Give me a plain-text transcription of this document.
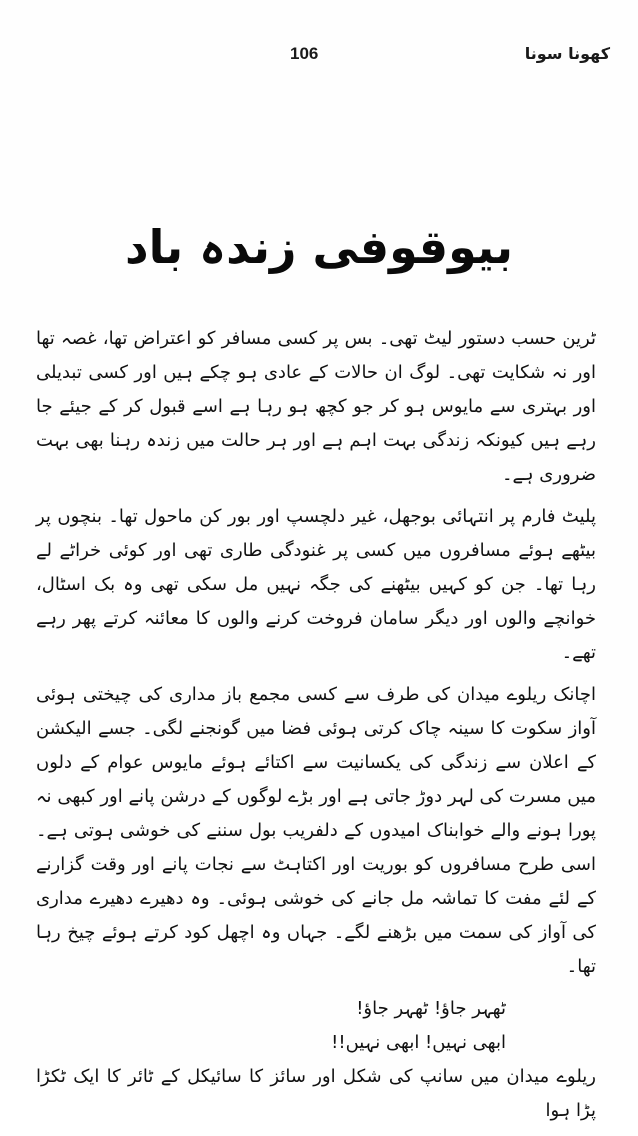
106	کھونا سونا
بیوقوفی زندہ باد

ٹرین حسب دستور لیٹ تھی۔ بس پر کسی مسافر کو اعتراض تھا، غصہ تھا اور نہ شکایت تھی۔ لوگ ان حالات کے عادی ہو چکے ہیں اور کسی تبدیلی اور بہتری سے مایوس ہو کر جو کچھ ہو رہا ہے اسے قبول کر کے جیئے جا رہے ہیں کیونکہ زندگی بہت اہم ہے اور ہر حالت میں زندہ رہنا بھی بہت ضروری ہے۔

پلیٹ فارم پر انتہائی بوجھل، غیر دلچسپ اور بور کن ماحول تھا۔ بنچوں پر بیٹھے ہوئے مسافروں میں کسی پر غنودگی طاری تھی اور کوئی خراٹے لے رہا تھا۔ جن کو کہیں بیٹھنے کی جگہ نہیں مل سکی تھی وہ بک اسٹال، خوانچے والوں اور دیگر سامان فروخت کرنے والوں کا معائنہ کرتے پھر رہے تھے۔

اچانک ریلوے میدان کی طرف سے کسی مجمع باز مداری کی چیختی ہوئی آواز سکوت کا سینہ چاک کرتی ہوئی فضا میں گونجنے لگی۔ جسے الیکشن کے اعلان سے زندگی کی یکسانیت سے اکتائے ہوئے مایوس عوام کے دلوں میں مسرت کی لہر دوڑ جاتی ہے اور بڑے لوگوں کے درشن پانے اور کبھی نہ پورا ہونے والے خوابناک امیدوں کے دلفریب بول سننے کی خوشی ہوتی ہے۔ اسی طرح مسافروں کو بوریت اور اکتاہٹ سے نجات پانے اور وقت گزارنے کے لئے مفت کا تماشہ مل جانے کی خوشی ہوئی۔ وہ دھیرے دھیرے مداری کی آواز کی سمت میں بڑھنے لگے۔ جہاں وہ اچھل کود کرتے ہوئے چیخ رہا تھا۔

ٹھہر جاؤ! ٹھہر جاؤ!

ابھی نہیں! ابھی نہیں!!

ریلوے میدان میں سانپ کی شکل اور سائز کا سائیکل کے ٹائر کا ایک ٹکڑا پڑا ہوا
